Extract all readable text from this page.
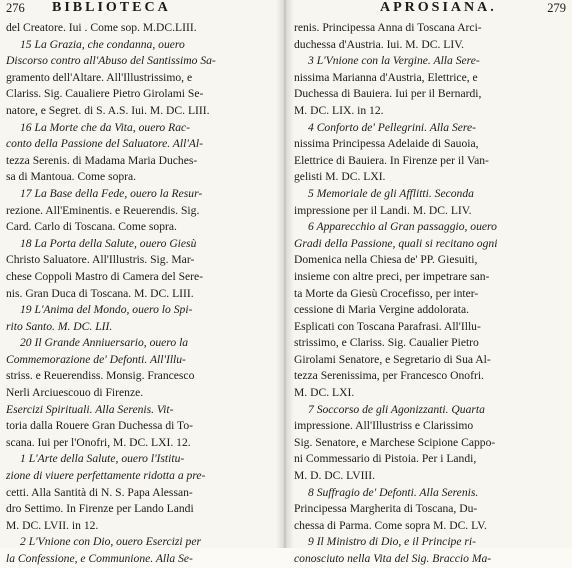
276 BIBLIOTECA
del Creatore. Iui . Come sop. M.DC.LIII.
15 La Grazia, che condanna, ouero
Discorso contro all'Abuso del Santissimo Sa-
gramento dell'Altare. All'Illustrissimo, e
Clariss. Sig. Caualiere Pietro Girolami Se-
natore, e Segret. di S. A.S. Iui. M. DC. LIII.
16 La Morte che da Vita, ouero Rac-
conto della Passione del Saluatore. All'Al-
tezza Serenis. di Madama Maria Duches-
sa di Mantoua. Come sopra.
17 La Base della Fede, ouero la Resur-
rezione. All'Eminentis. e Reuerendis. Sig.
Card. Carlo di Toscana. Come sopra.
18 La Porta della Salute, ouero Giesù
Christo Saluatore. All'Illustris. Sig. Mar-
chese Coppoli Mastro di Camera del Sere-
nis. Gran Duca di Toscana. M. DC. LIII.
19 L'Anima del Mondo, ouero lo Spi-
rito Santo. M. DC. LII.
20 Il Grande Anniuersario, ouero la
Commemorazione de' Defonti. All'Illu-
striss. e Reuerendiss. Monsig. Francesco
Nerli Arciuescouo di Firenze.
Esercizi Spirituali. Alla Serenis. Vit-
toria dalla Rouere Gran Duchessa di To-
scana. Iui per l'Onofri, M. DC. LXI. 12.
1 L'Arte della Salute, ouero l'Istitu-
zione di viuere perfettamente ridotta a pre-
cetti. Alla Santità di N. S. Papa Alessan-
dro Settimo. In Firenze per Lando Landi
M. DC. LVII. in 12.
2 L'Vnione con Dio, ouero Esercizi per
la Confessione, e Communione. Alla Se-
APROSIANA.	279
renis. Principessa Anna di Toscana Arci-
duchessa d'Austria. Iui. M. DC. LIV.
3 L'Vnione con la Vergine. Alla Sere-
nissima Marianna d'Austria, Elettrice, e
Duchessa di Bauiera. Iui per il Bernardi,
M. DC. LIX. in 12.
4 Conforto de' Pellegrini. Alla Sere-
nissima Principessa Adelaide di Sauoia,
Elettrice di Bauiera. In Firenze per il Van-
gelisti M. DC. LXI.
5 Memoriale de gli Afflitti. Seconda
impressione per il Landi. M. DC. LIV.
6 Apparecchio al Gran passaggio, ouero
Gradi della Passione, quali si recitano ogni
Domenica nella Chiesa de' PP. Giesuiti,
insieme con altre preci, per impetrare san-
ta Morte da Giesù Crocefisso, per inter-
cessione di Maria Vergine addolorata.
Esplicati con Toscana Parafrasi. All'Illu-
strissimo, e Clariss. Sig. Caualier Pietro
Girolami Senatore, e Segretario di Sua Al-
tezza Serenissima, per Francesco Onofri.
M. DC. LXI.
7 Soccorso de gli Agonizzanti. Quarta
impressione. All'Illustriss e Clarissimo
Sig. Senatore, e Marchese Scipione Cappo-
ni Commessario di Pistoia. Per i Landi,
M. D. DC. LVIII.
8 Suffragio de' Defonti. Alla Serenis.
Principessa Margherita di Toscana, Du-
chessa di Parma. Come sopra M. DC. LV.
9 Il Ministro di Dio, e il Principe ri-
conosciuto nella Vita del Sig. Braccio Ma-
